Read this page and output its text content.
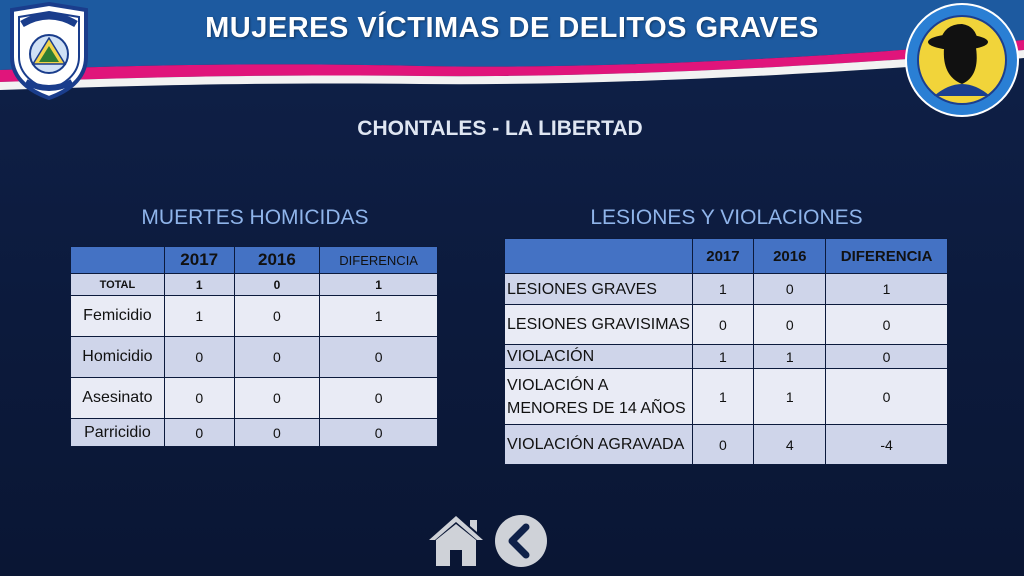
MUJERES VÍCTIMAS DE DELITOS GRAVES
CHONTALES - LA LIBERTAD
MUERTES HOMICIDAS	LESIONES Y VIOLACIONES
	2017	2016	DIFERENCIA
TOTAL	1	0	1
Femicidio	1	0	1
Homicidio	0	0	0
Asesinato	0	0	0
Parricidio	0	0	0
	2017	2016	DIFERENCIA
LESIONES GRAVES	1	0	1
LESIONES GRAVISIMAS	0	0	0
VIOLACIÓN	1	1	0
VIOLACIÓN A MENORES DE 14 AÑOS	1	1	0
VIOLACIÓN AGRAVADA	0	4	-4
